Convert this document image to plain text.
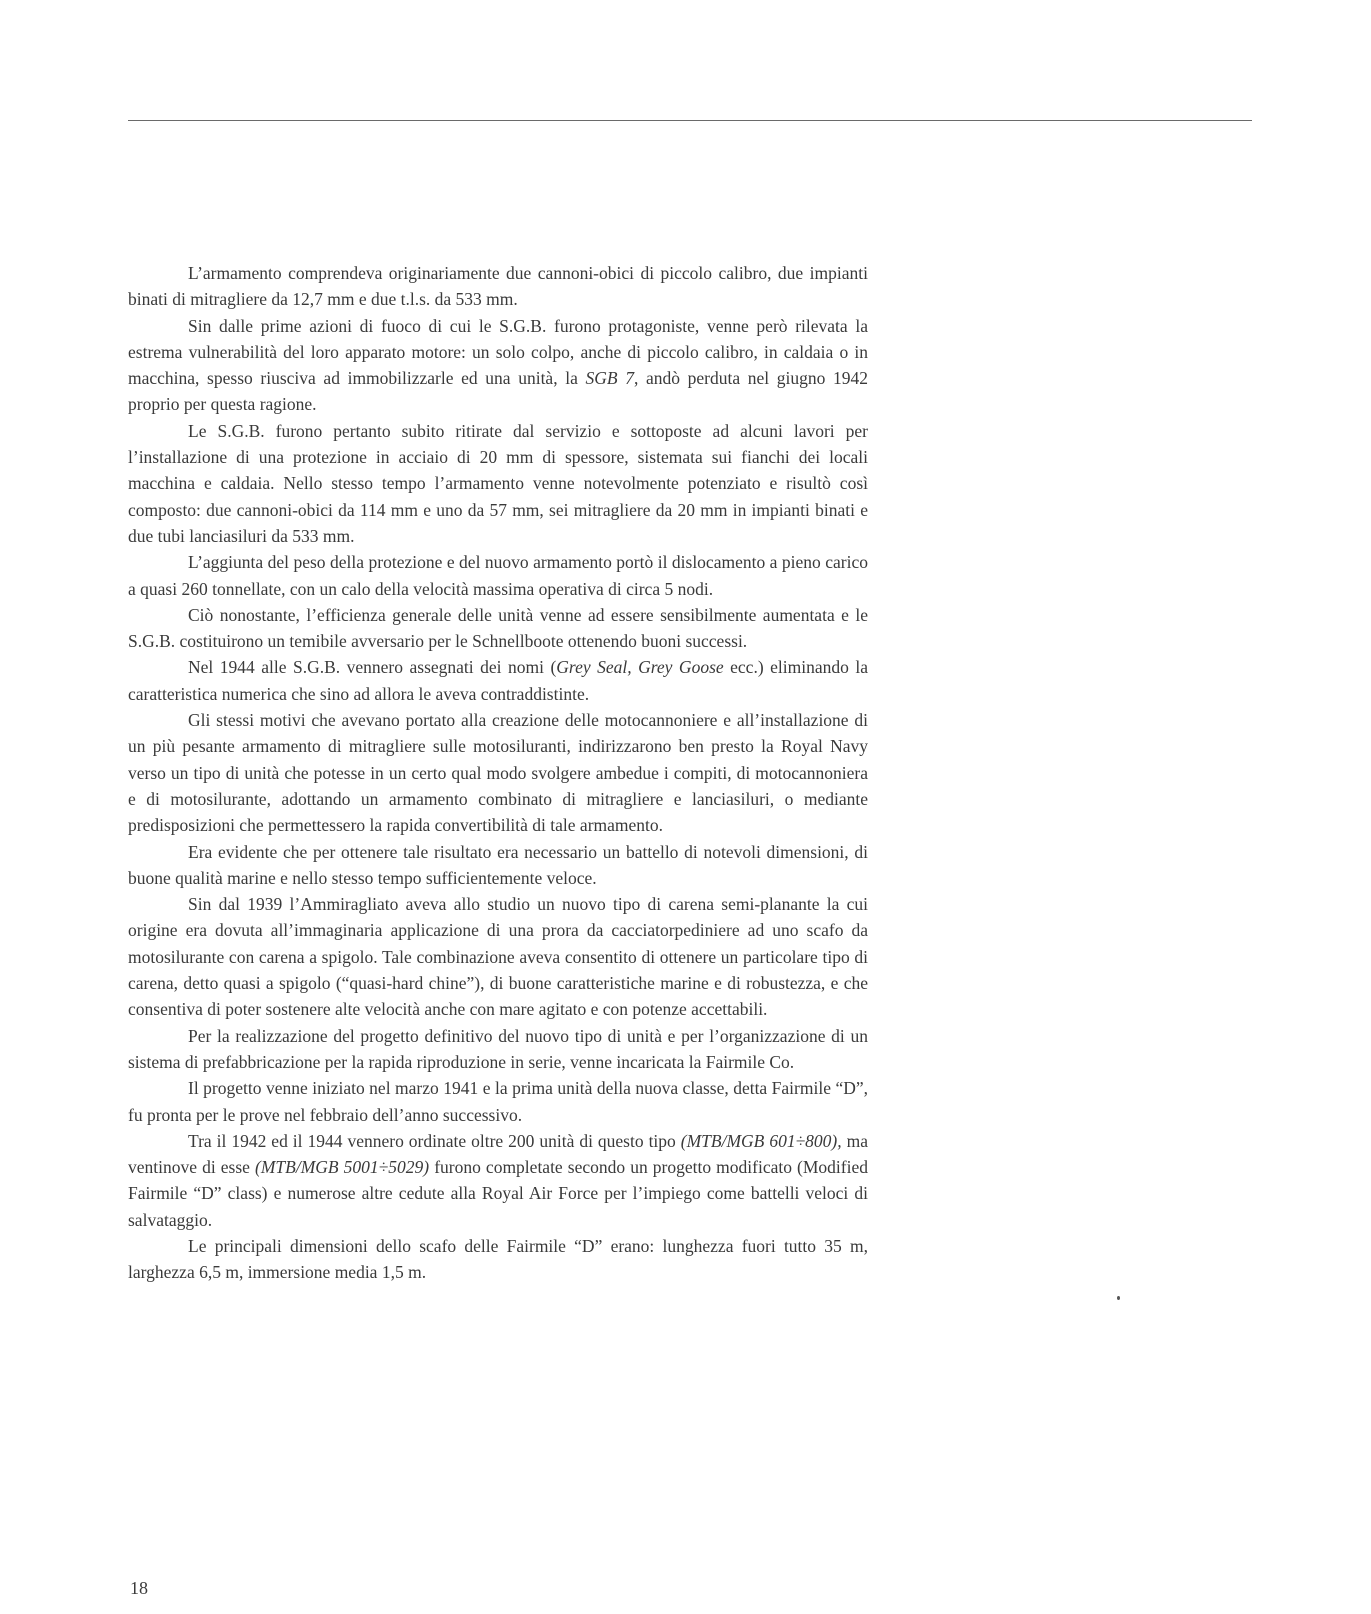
L’armamento comprendeva originariamente due cannoni-obici di piccolo calibro, due impianti binati di mitragliere da 12,7 mm e due t.l.s. da 533 mm.

Sin dalle prime azioni di fuoco di cui le S.G.B. furono protagoniste, venne però rilevata la estrema vulnerabilità del loro apparato motore: un solo colpo, anche di piccolo calibro, in caldaia o in macchina, spesso riusciva ad immobilizzarle ed una unità, la SGB 7, andò perduta nel giugno 1942 proprio per questa ragione.

Le S.G.B. furono pertanto subito ritirate dal servizio e sottoposte ad alcuni lavori per l’installazione di una protezione in acciaio di 20 mm di spessore, sistemata sui fianchi dei locali macchina e caldaia. Nello stesso tempo l’armamento venne notevolmente potenziato e risultò così composto: due cannoni-obici da 114 mm e uno da 57 mm, sei mitragliere da 20 mm in impianti binati e due tubi lanciasiluri da 533 mm.

L’aggiunta del peso della protezione e del nuovo armamento portò il dislocamento a pieno carico a quasi 260 tonnellate, con un calo della velocità massima operativa di circa 5 nodi.

Ciò nonostante, l’efficienza generale delle unità venne ad essere sensibilmente aumentata e le S.G.B. costituirono un temibile avversario per le Schnellboote ottenendo buoni successi.

Nel 1944 alle S.G.B. vennero assegnati dei nomi (Grey Seal, Grey Goose ecc.) eliminando la caratteristica numerica che sino ad allora le aveva contraddistinte.

Gli stessi motivi che avevano portato alla creazione delle motocannoniere e all’installazione di un più pesante armamento di mitragliere sulle motosiluranti, indirizzarono ben presto la Royal Navy verso un tipo di unità che potesse in un certo qual modo svolgere ambedue i compiti, di motocannoniera e di motosilurante, adottando un armamento combinato di mitragliere e lanciasiluri, o mediante predisposizioni che permettessero la rapida convertibilità di tale armamento.

Era evidente che per ottenere tale risultato era necessario un battello di notevoli dimensioni, di buone qualità marine e nello stesso tempo sufficientemente veloce.

Sin dal 1939 l’Ammiragliato aveva allo studio un nuovo tipo di carena semi-planante la cui origine era dovuta all’immaginaria applicazione di una prora da cacciatorpediniere ad uno scafo da motosilurante con carena a spigolo. Tale combinazione aveva consentito di ottenere un particolare tipo di carena, detto quasi a spigolo (“quasi-hard chine”), di buone caratteristiche marine e di robustezza, e che consentiva di poter sostenere alte velocità anche con mare agitato e con potenze accettabili.

Per la realizzazione del progetto definitivo del nuovo tipo di unità e per l’organizzazione di un sistema di prefabbricazione per la rapida riproduzione in serie, venne incaricata la Fairmile Co.

Il progetto venne iniziato nel marzo 1941 e la prima unità della nuova classe, detta Fairmile “D”, fu pronta per le prove nel febbraio dell’anno successivo.

Tra il 1942 ed il 1944 vennero ordinate oltre 200 unità di questo tipo (MTB/MGB 601÷800), ma ventinove di esse (MTB/MGB 5001÷5029) furono completate secondo un progetto modificato (Modified Fairmile “D” class) e numerose altre cedute alla Royal Air Force per l’impiego come battelli veloci di salvataggio.

Le principali dimensioni dello scafo delle Fairmile “D” erano: lunghezza fuori tutto 35 m, larghezza 6,5 m, immersione media 1,5 m.

18
